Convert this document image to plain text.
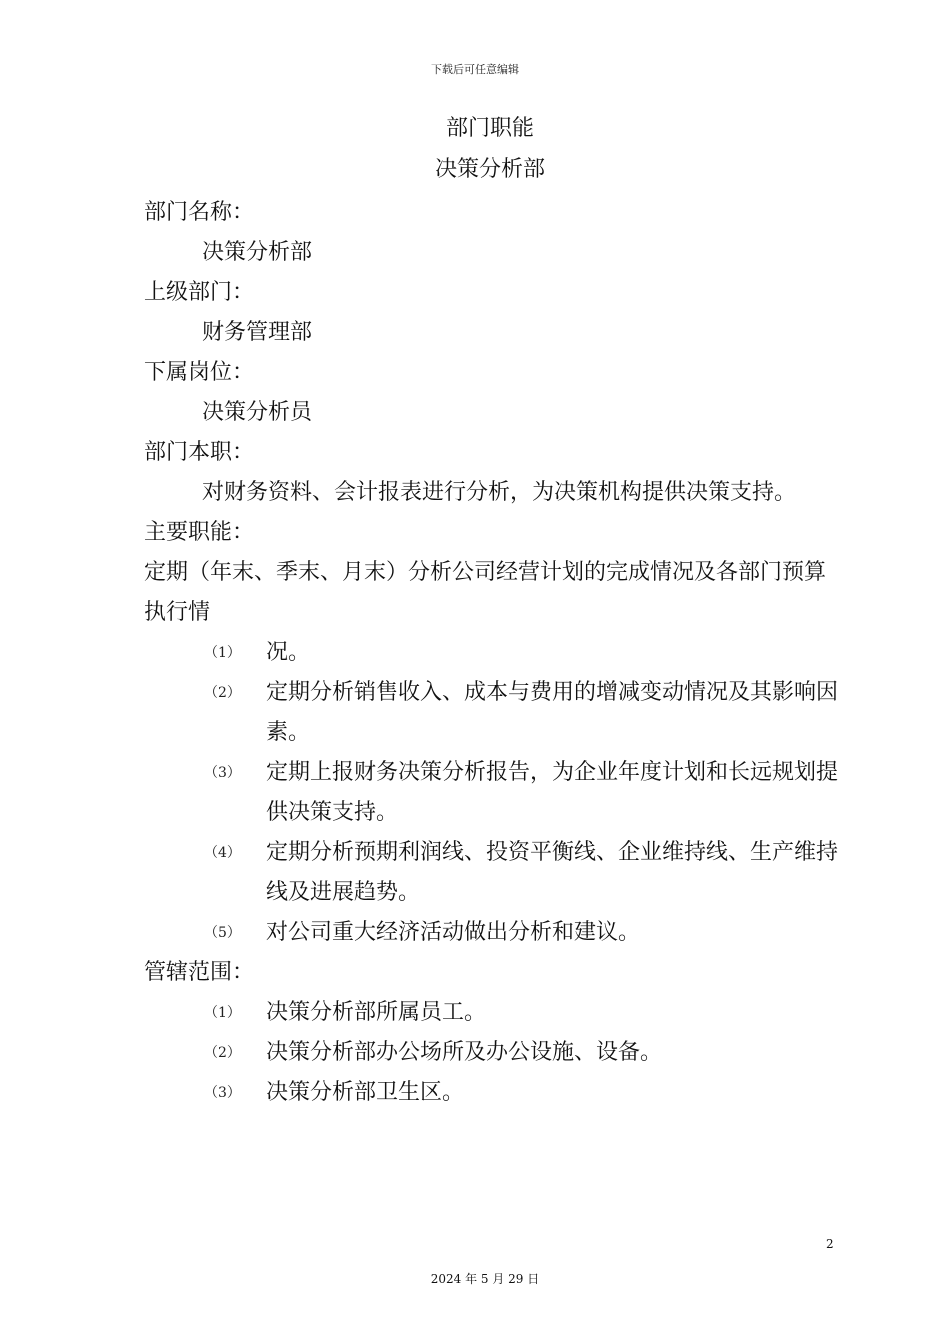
下载后可任意编辑
部门职能
决策分析部
部门名称：
决策分析部
上级部门：
财务管理部
下属岗位：
决策分析员
部门本职：
对财务资料、会计报表进行分析，为决策机构提供决策支持。
主要职能：
定期（年末、季末、月末）分析公司经营计划的完成情况及各部门预算执行情
（1）	况。
（2）	定期分析销售收入、成本与费用的增减变动情况及其影响因素。
（3）	定期上报财务决策分析报告，为企业年度计划和长远规划提供决策支持。
（4）	定期分析预期利润线、投资平衡线、企业维持线、生产维持线及进展趋势。
（5）	对公司重大经济活动做出分析和建议。
管辖范围：
（1）	决策分析部所属员工。
（2）	决策分析部办公场所及办公设施、设备。
（3）	决策分析部卫生区。
2
2024 年 5 月 29 日
